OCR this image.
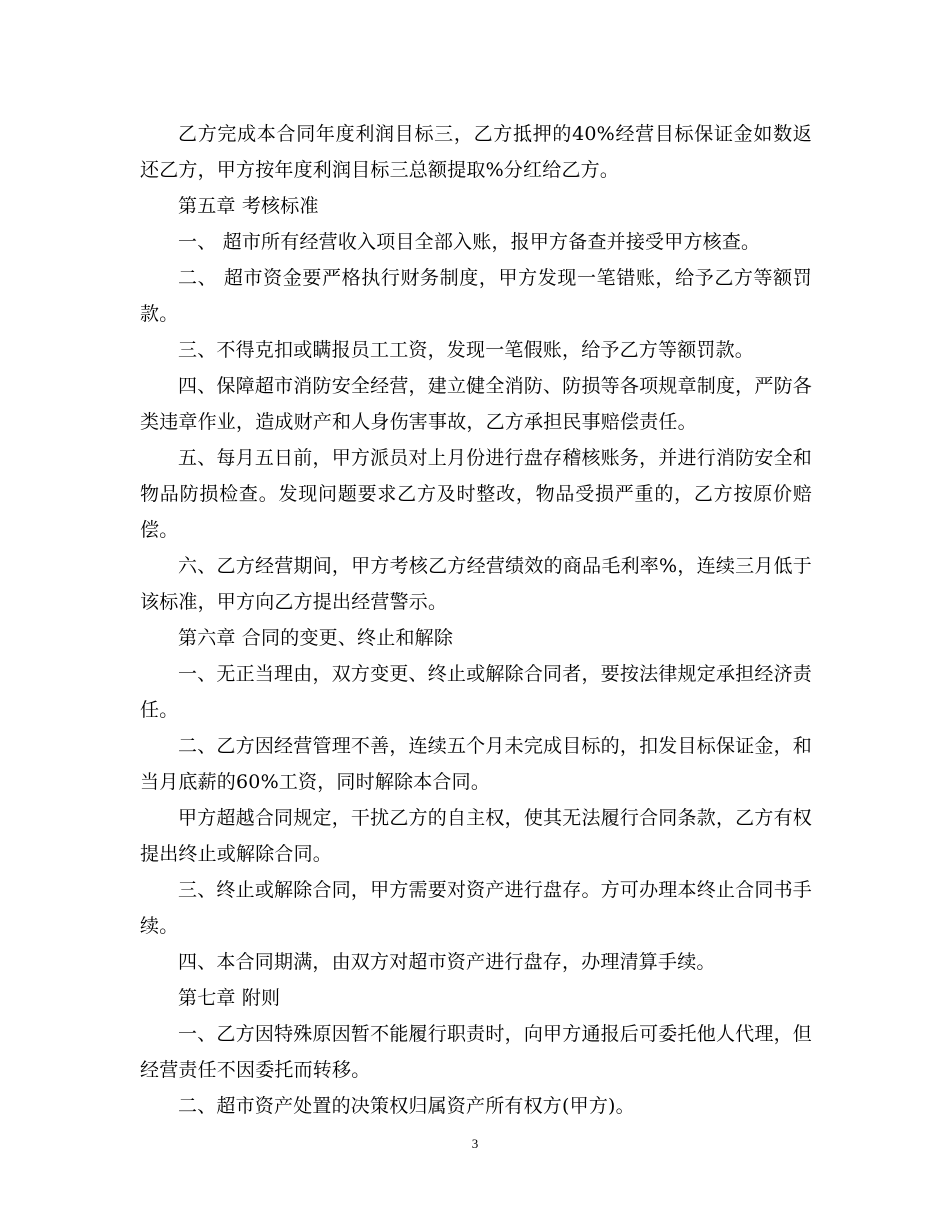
乙方完成本合同年度利润目标三，乙方抵押的40%经营目标保证金如数返还乙方，甲方按年度利润目标三总额提取%分红给乙方。

第五章 考核标准

一、 超市所有经营收入项目全部入账，报甲方备查并接受甲方核查。

二、 超市资金要严格执行财务制度，甲方发现一笔错账，给予乙方等额罚款。

三、不得克扣或瞒报员工工资，发现一笔假账，给予乙方等额罚款。

四、保障超市消防安全经营，建立健全消防、防损等各项规章制度，严防各类违章作业，造成财产和人身伤害事故，乙方承担民事赔偿责任。

五、每月五日前，甲方派员对上月份进行盘存稽核账务，并进行消防安全和物品防损检查。发现问题要求乙方及时整改，物品受损严重的，乙方按原价赔偿。

六、乙方经营期间，甲方考核乙方经营绩效的商品毛利率%，连续三月低于该标准，甲方向乙方提出经营警示。

第六章 合同的变更、终止和解除

一、无正当理由，双方变更、终止或解除合同者，要按法律规定承担经济责任。

二、乙方因经营管理不善，连续五个月未完成目标的，扣发目标保证金，和当月底薪的60%工资，同时解除本合同。

甲方超越合同规定，干扰乙方的自主权，使其无法履行合同条款，乙方有权提出终止或解除合同。

三、终止或解除合同，甲方需要对资产进行盘存。方可办理本终止合同书手续。

四、本合同期满，由双方对超市资产进行盘存，办理清算手续。

第七章 附则

一、乙方因特殊原因暂不能履行职责时，向甲方通报后可委托他人代理，但经营责任不因委托而转移。

二、超市资产处置的决策权归属资产所有权方(甲方)。

3
